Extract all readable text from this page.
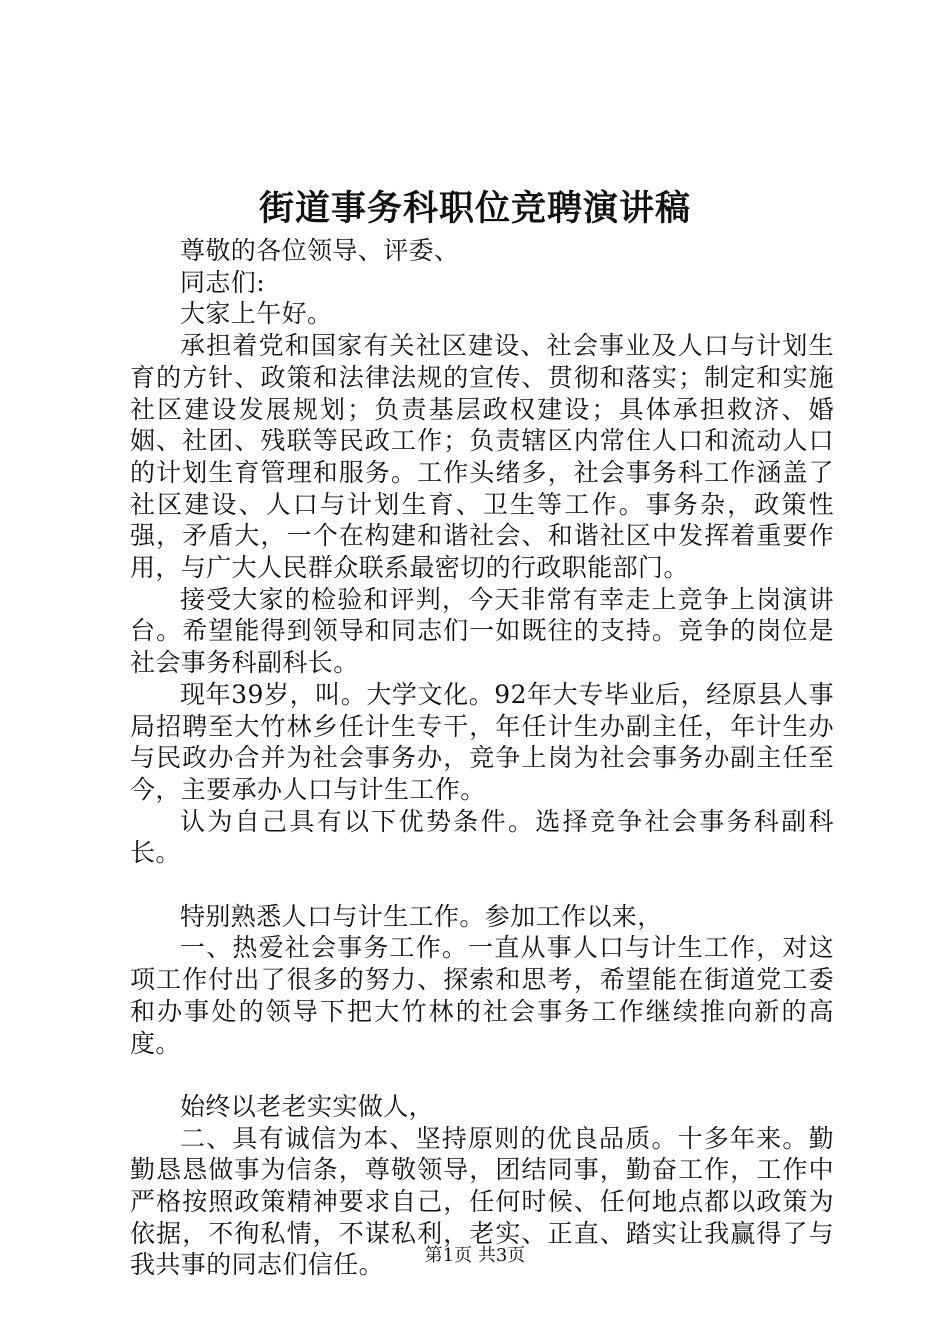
街道事务科职位竞聘演讲稿

尊敬的各位领导、评委、

同志们:

大家上午好。

承担着党和国家有关社区建设、社会事业及人口与计划生育的方针、政策和法律法规的宣传、贯彻和落实；制定和实施社区建设发展规划；负责基层政权建设；具体承担救济、婚姻、社团、残联等民政工作；负责辖区内常住人口和流动人口的计划生育管理和服务。工作头绪多，社会事务科工作涵盖了社区建设、人口与计划生育、卫生等工作。事务杂，政策性强，矛盾大，一个在构建和谐社会、和谐社区中发挥着重要作用，与广大人民群众联系最密切的行政职能部门。

接受大家的检验和评判，今天非常有幸走上竞争上岗演讲台。希望能得到领导和同志们一如既往的支持。竞争的岗位是社会事务科副科长。

现年39岁，叫。大学文化。92年大专毕业后，经原县人事局招聘至大竹林乡任计生专干，年任计生办副主任，年计生办与民政办合并为社会事务办，竞争上岗为社会事务办副主任至今，主要承办人口与计生工作。

认为自己具有以下优势条件。选择竞争社会事务科副科长。

特别熟悉人口与计生工作。参加工作以来，

一、热爱社会事务工作。一直从事人口与计生工作，对这项工作付出了很多的努力、探索和思考，希望能在街道党工委和办事处的领导下把大竹林的社会事务工作继续推向新的高度。

始终以老老实实做人，

二、具有诚信为本、坚持原则的优良品质。十多年来。勤勤恳恳做事为信条，尊敬领导，团结同事，勤奋工作，工作中严格按照政策精神要求自己，任何时候、任何地点都以政策为依据，不徇私情，不谋私利，老实、正直、踏实让我赢得了与我共事的同志们信任。	第1页 共3页
